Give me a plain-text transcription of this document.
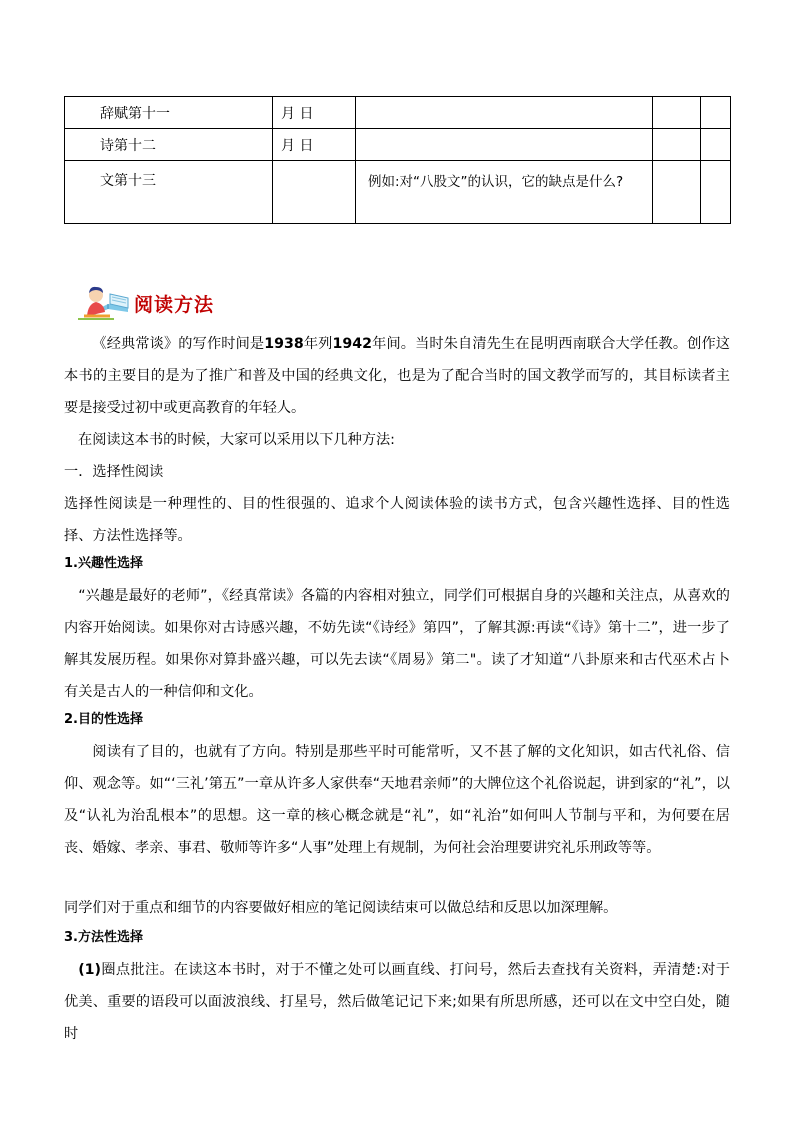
辞赋第十一	月 日			
诗第十二	月 日			
文第十三		例如:对“八股文”的认识，它的缺点是什么?		
阅读方法

《经典常谈》的写作时间是1938年列1942年间。当时朱自清先生在昆明西南联合大学任教。创作这本书的主要目的是为了推广和普及中国的经典文化，也是为了配合当时的国文教学而写的，其目标读者主要是接受过初中或更高教育的年轻人。

在阅读这本书的时候，大家可以采用以下几种方法:

一．选择性阅读

选择性阅读是一种理性的、目的性很强的、追求个人阅读体验的读书方式，包含兴趣性选择、目的性选择、方法性选择等。

1.兴趣性选择

“兴趣是最好的老师”，《经真常读》各篇的内容相对独立，同学们可根据自身的兴趣和关注点，从喜欢的内容开始阅读。如果你对古诗感兴趣，不妨先读“《诗经》第四”，了解其源:再读“《诗》第十二”，进一步了解其发展历程。如果你对算卦盛兴趣，可以先去读“《周易》第二"。读了才知道“八卦原来和古代巫术占卜有关是古人的一种信仰和文化。

2.目的性选择

阅读有了目的，也就有了方向。特别是那些平时可能常听，又不甚了解的文化知识，如古代礼俗、信仰、观念等。如“‘三礼’第五”一章从许多人家供奉“天地君亲师”的大牌位这个礼俗说起，讲到家的“礼”，以及“认礼为治乱根本”的思想。这一章的核心概念就是“礼”，如“礼治”如何叫人节制与平和，为何要在居丧、婚嫁、孝亲、事君、敬师等许多“人事”处理上有规制，为何社会治理要讲究礼乐刑政等等。

同学们对于重点和细节的内容要做好相应的笔记阅读结束可以做总结和反思以加深理解。

3.方法性选择

(1)圈点批注。在读这本书时，对于不懂之处可以画直线、打问号，然后去查找有关资料，弄清楚:对于优美、重要的语段可以面波浪线、打星号，然后做笔记记下来;如果有所思所感，还可以在文中空白处，随时
